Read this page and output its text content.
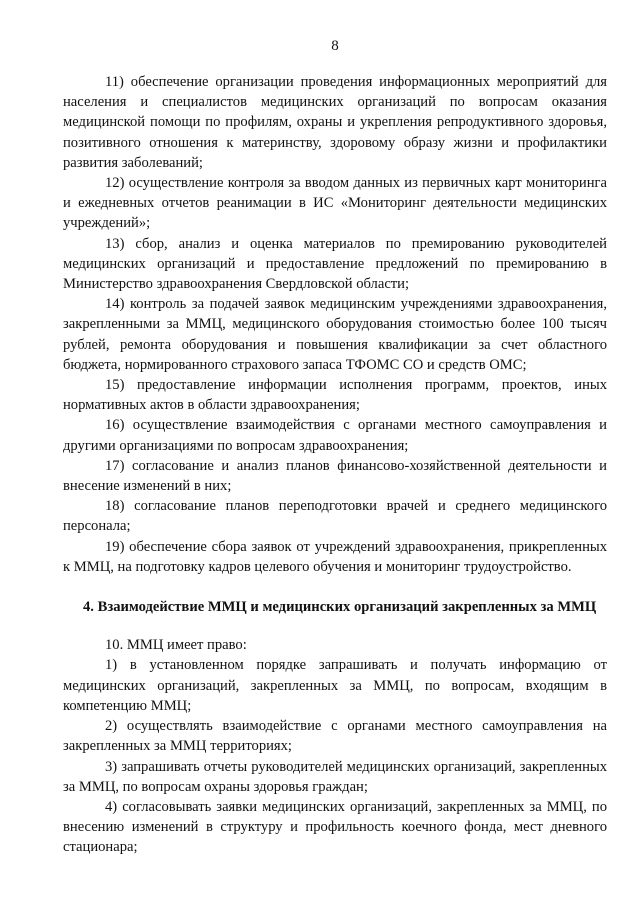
8

11) обеспечение организации проведения информационных мероприятий для населения и специалистов медицинских организаций по вопросам оказания медицинской помощи по профилям, охраны и укрепления репродуктивного здоровья, позитивного отношения к материнству, здоровому образу жизни и профилактики развития заболеваний;

12) осуществление контроля за вводом данных из первичных карт мониторинга и ежедневных отчетов реанимации в ИС «Мониторинг деятельности медицинских учреждений»;

13) сбор, анализ и оценка материалов по премированию руководителей медицинских организаций и предоставление предложений по премированию в Министерство здравоохранения Свердловской области;

14) контроль за подачей заявок медицинским учреждениями здравоохранения, закрепленными за ММЦ, медицинского оборудования стоимостью более 100 тысяч рублей, ремонта оборудования и повышения квалификации за счет областного бюджета, нормированного страхового запаса ТФОМС СО и средств ОМС;

15) предоставление информации исполнения программ, проектов, иных нормативных актов в области здравоохранения;

16) осуществление взаимодействия с органами местного самоуправления и другими организациями по вопросам здравоохранения;

17) согласование и анализ планов финансово-хозяйственной деятельности и внесение изменений в них;

18) согласование планов переподготовки врачей и среднего медицинского персонала;

19) обеспечение сбора заявок от учреждений здравоохранения, прикрепленных к ММЦ, на подготовку кадров целевого обучения и мониторинг трудоустройство.

4. Взаимодействие ММЦ и медицинских организаций закрепленных за ММЦ

10. ММЦ имеет право:

1) в установленном порядке запрашивать и получать информацию от медицинских организаций, закрепленных за ММЦ, по вопросам, входящим в компетенцию ММЦ;

2) осуществлять взаимодействие с органами местного самоуправления на закрепленных за ММЦ территориях;

3) запрашивать отчеты руководителей медицинских организаций, закрепленных за ММЦ, по вопросам охраны здоровья граждан;

4) согласовывать заявки медицинских организаций, закрепленных за ММЦ, по внесению изменений в структуру и профильность коечного фонда, мест дневного стационара;
